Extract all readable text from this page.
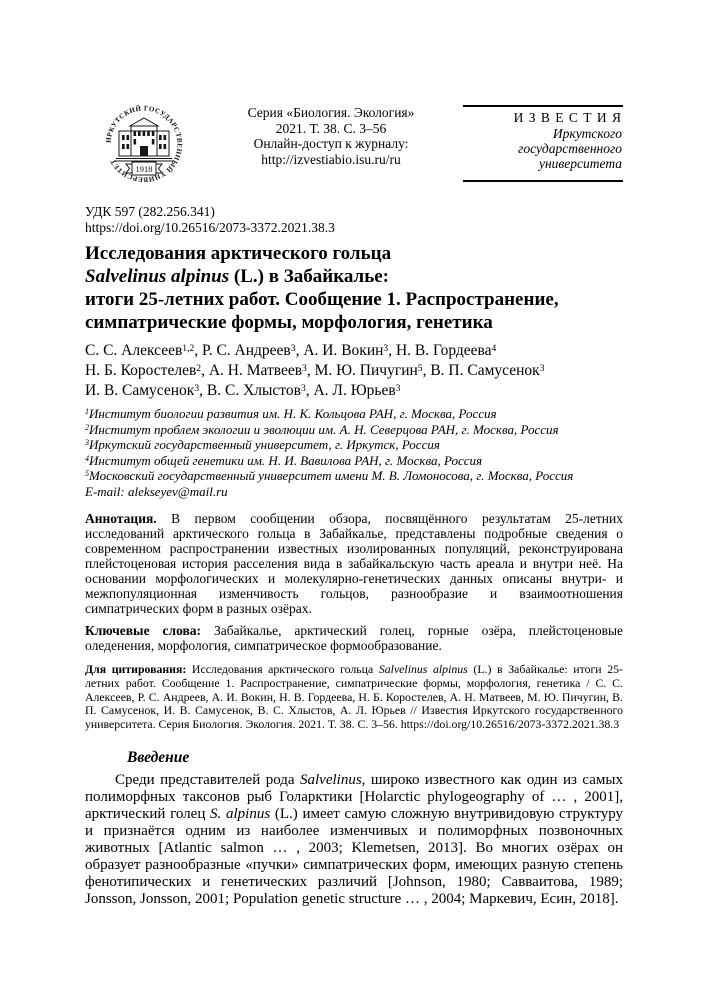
ИРКУТСКИЙ ГОСУДАРСТВЕННЫЙ УНИВЕРСИТЕТ
1918
Серия «Биология. Экология»
2021. Т. 38. С. 3–56
Онлайн-доступ к журналу:
http://izvestiabio.isu.ru/ru
И З В Е С Т И Я
Иркутского
государственного
университета
УДК 597 (282.256.341)
https://doi.org/10.26516/2073-3372.2021.38.3
Исследования арктического гольца
Salvelinus alpinus (L.) в Забайкалье:
итоги 25-летних работ. Сообщение 1. Распространение,
симпатрические формы, морфология, генетика
С. С. Алексеев$^{1,2}$, Р. С. Андреев$^3$, А. И. Вокин$^3$, Н. В. Гордеева$^4$
Н. Б. Коростелев$^2$, А. Н. Матвеев$^3$, М. Ю. Пичугин$^5$, В. П. Самусенок$^3$
И. В. Самусенок$^3$, В. С. Хлыстов$^3$, А. Л. Юрьев$^3$
$^1$Институт биологии развития им. Н. К. Кольцова РАН, г. Москва, Россия
$^2$Институт проблем экологии и эволюции им. А. Н. Северцова РАН, г. Москва, Россия
$^3$Иркутский государственный университет, г. Иркутск, Россия
$^4$Институт общей генетики им. Н. И. Вавилова РАН, г. Москва, Россия
$^5$Московский государственный университет имени М. В. Ломоносова, г. Москва, Россия
E-mail: alekseyev@mail.ru

Аннотация. В первом сообщении обзора, посвящённого результатам 25-летних исследований арктического гольца в Забайкалье, представлены подробные сведения о современном распространении известных изолированных популяций, реконструирована плейстоценовая история расселения вида в забайкальскую часть ареала и внутри неё. На основании морфологических и молекулярно-генетических данных описаны внутри- и межпопуляционная изменчивость гольцов, разнообразие и взаимоотношения симпатрических форм в разных озёрах.

Ключевые слова: Забайкалье, арктический голец, горные озёра, плейстоценовые оледенения, морфология, симпатрическое формообразование.

Для цитирования: Исследования арктического гольца Salvelinus alpinus (L.) в Забайкалье: итоги 25-летних работ. Сообщение 1. Распространение, симпатрические формы, морфология, генетика / С. С. Алексеев, Р. С. Андреев, А. И. Вокин, Н. В. Гордеева, Н. Б. Коростелев, А. Н. Матвеев, М. Ю. Пичугин, В. П. Самусенок, И. В. Самусенок, В. С. Хлыстов, А. Л. Юрьев // Известия Иркутского государственного университета. Серия Биология. Экология. 2021. Т. 38. С. 3–56. https://doi.org/10.26516/2073-3372.2021.38.3

Введение

Среди представителей рода Salvelinus, широко известного как один из самых полиморфных таксонов рыб Голарктики [Holarctic phylogeography of … , 2001], арктический голец S. alpinus (L.) имеет самую сложную внутривидовую структуру и признаётся одним из наиболее изменчивых и полиморфных позвоночных животных [Atlantic salmon … , 2003; Klemetsen, 2013]. Во многих озёрах он образует разнообразные «пучки» симпатрических форм, имеющих разную степень фенотипических и генетических различий [Johnson, 1980; Савваитова, 1989; Jonsson, Jonsson, 2001; Population genetic structure … , 2004; Маркевич, Есин, 2018].
